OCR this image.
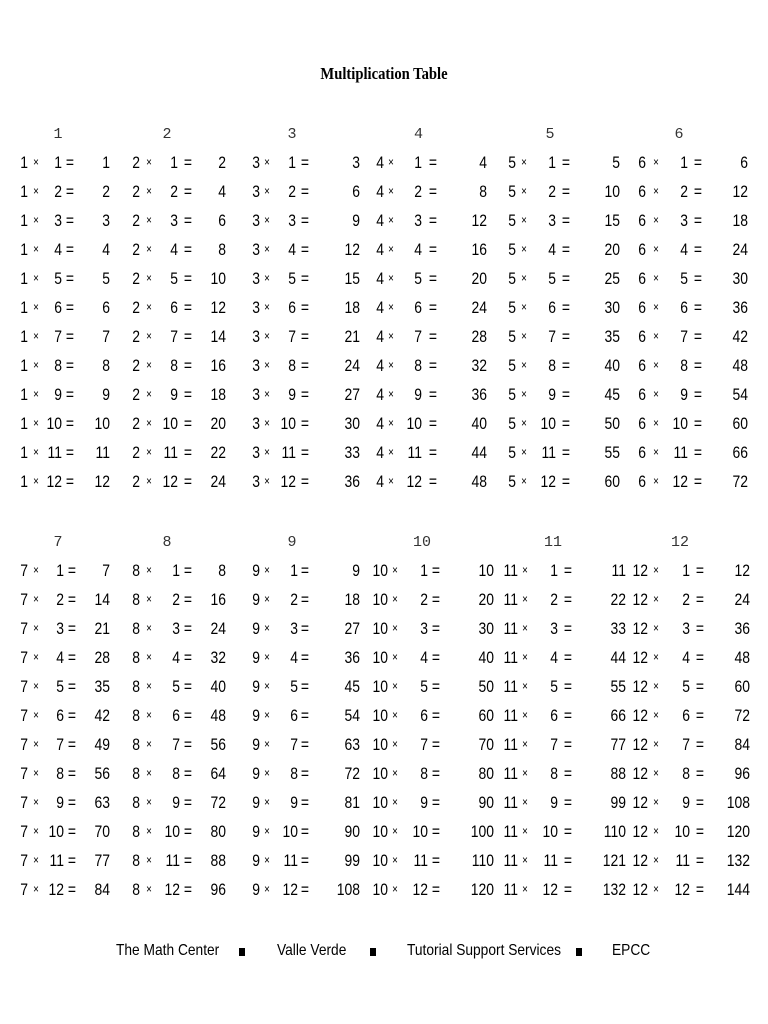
Multiplication Table
1
1 × 1 =	1
1 × 2 =	2
1 × 3 =	3
1 × 4 =	4
1 × 5 =	5
1 × 6 =	6
1 × 7 =	7
1 × 8 =	8
1 × 9 =	9
1 × 10 =	10
1 × 11 =	11
1 × 12 =	12
2
2 ×	1 =	2
2 ×	2 =	4
2 ×	3 =	6
2 ×	4 =	8
2 ×	5 =	10
2 ×	6 =	12
2 ×	7 =	14
2 ×	8 =	16
2 ×	9 =	18
2 × 10 =	20
2 × 11 =	22
2 × 12 =	24
3
3 ×	1 =	3
3 ×	2 =	6
3 ×	3 =	9
3 ×	4 =	12
3 ×	5 =	15
3 ×	6 =	18
3 ×	7 =	21
3 ×	8 =	24
3 ×	9 =	27
3 × 10 =	30
3 × 11 =	33
3 × 12 =	36
4
4 ×	1 =	4
4 ×	2 =	8
4 ×	3 =	12
4 ×	4 =	16
4 ×	5 =	20
4 ×	6 =	24
4 ×	7 =	28
4 ×	8 =	32
4 ×	9 =	36
4 × 10 =	40
4 × 11 =	44
4 × 12 =	48
5
5 ×	1 =	5
5 ×	2 =	10
5 ×	3 =	15
5 ×	4 =	20
5 ×	5 =	25
5 ×	6 =	30
5 ×	7 =	35
5 ×	8 =	40
5 ×	9 =	45
5 × 10 =	50
5 × 11 =	55
5 × 12 =	60
6
6 ×	1 =	6
6 ×	2 =	12
6 ×	3 =	18
6 ×	4 =	24
6 ×	5 =	30
6 ×	6 =	36
6 ×	7 =	42
6 ×	8 =	48
6 ×	9 =	54
6 × 10 =	60
6 × 11 =	66
6 × 12 =	72
7
7 ×	1 =	7
7 ×	2 =	14
7 ×	3 =	21
7 ×	4 =	28
7 ×	5 =	35
7 ×	6 =	42
7 ×	7 =	49
7 ×	8 =	56
7 ×	9 =	63
7 × 10 =	70
7 × 11 =	77
7 × 12 =	84
8
8 ×	1 =	8
8 ×	2 =	16
8 ×	3 =	24
8 ×	4 =	32
8 ×	5 =	40
8 ×	6 =	48
8 ×	7 =	56
8 ×	8 =	64
8 ×	9 =	72
8 × 10 =	80
8 × 11 =	88
8 × 12 =	96
9
9 ×	1 =	9
9 ×	2 =	18
9 ×	3 =	27
9 ×	4 =	36
9 ×	5 =	45
9 ×	6 =	54
9 ×	7 =	63
9 ×	8 =	72
9 ×	9 =	81
9 × 10 =	90
9 × 11 =	99
9 × 12 =	108
10
10 ×	1 =	10
10 ×	2 =	20
10 ×	3 =	30
10 ×	4 =	40
10 ×	5 =	50
10 ×	6 =	60
10 ×	7 =	70
10 ×	8 =	80
10 ×	9 =	90
10 × 10 =	100
10 × 11 =	110
10 × 12 =	120
11
11 ×	1 =	11
11 ×	2 =	22
11 ×	3 =	33
11 ×	4 =	44
11 ×	5 =	55
11 ×	6 =	66
11 ×	7 =	77
11 ×	8 =	88
11 ×	9 =	99
11 × 10 =	110
11 × 11 =	121
11 × 12 =	132
12
12 ×	1 =	12
12 ×	2 =	24
12 ×	3 =	36
12 ×	4 =	48
12 ×	5 =	60
12 ×	6 =	72
12 ×	7 =	84
12 ×	8 =	96
12 ×	9 =	108
12 × 10 =	120
12 × 11 =	132
12 × 12 =	144
The Math Center	Valle Verde	Tutorial Support Services	EPCC
